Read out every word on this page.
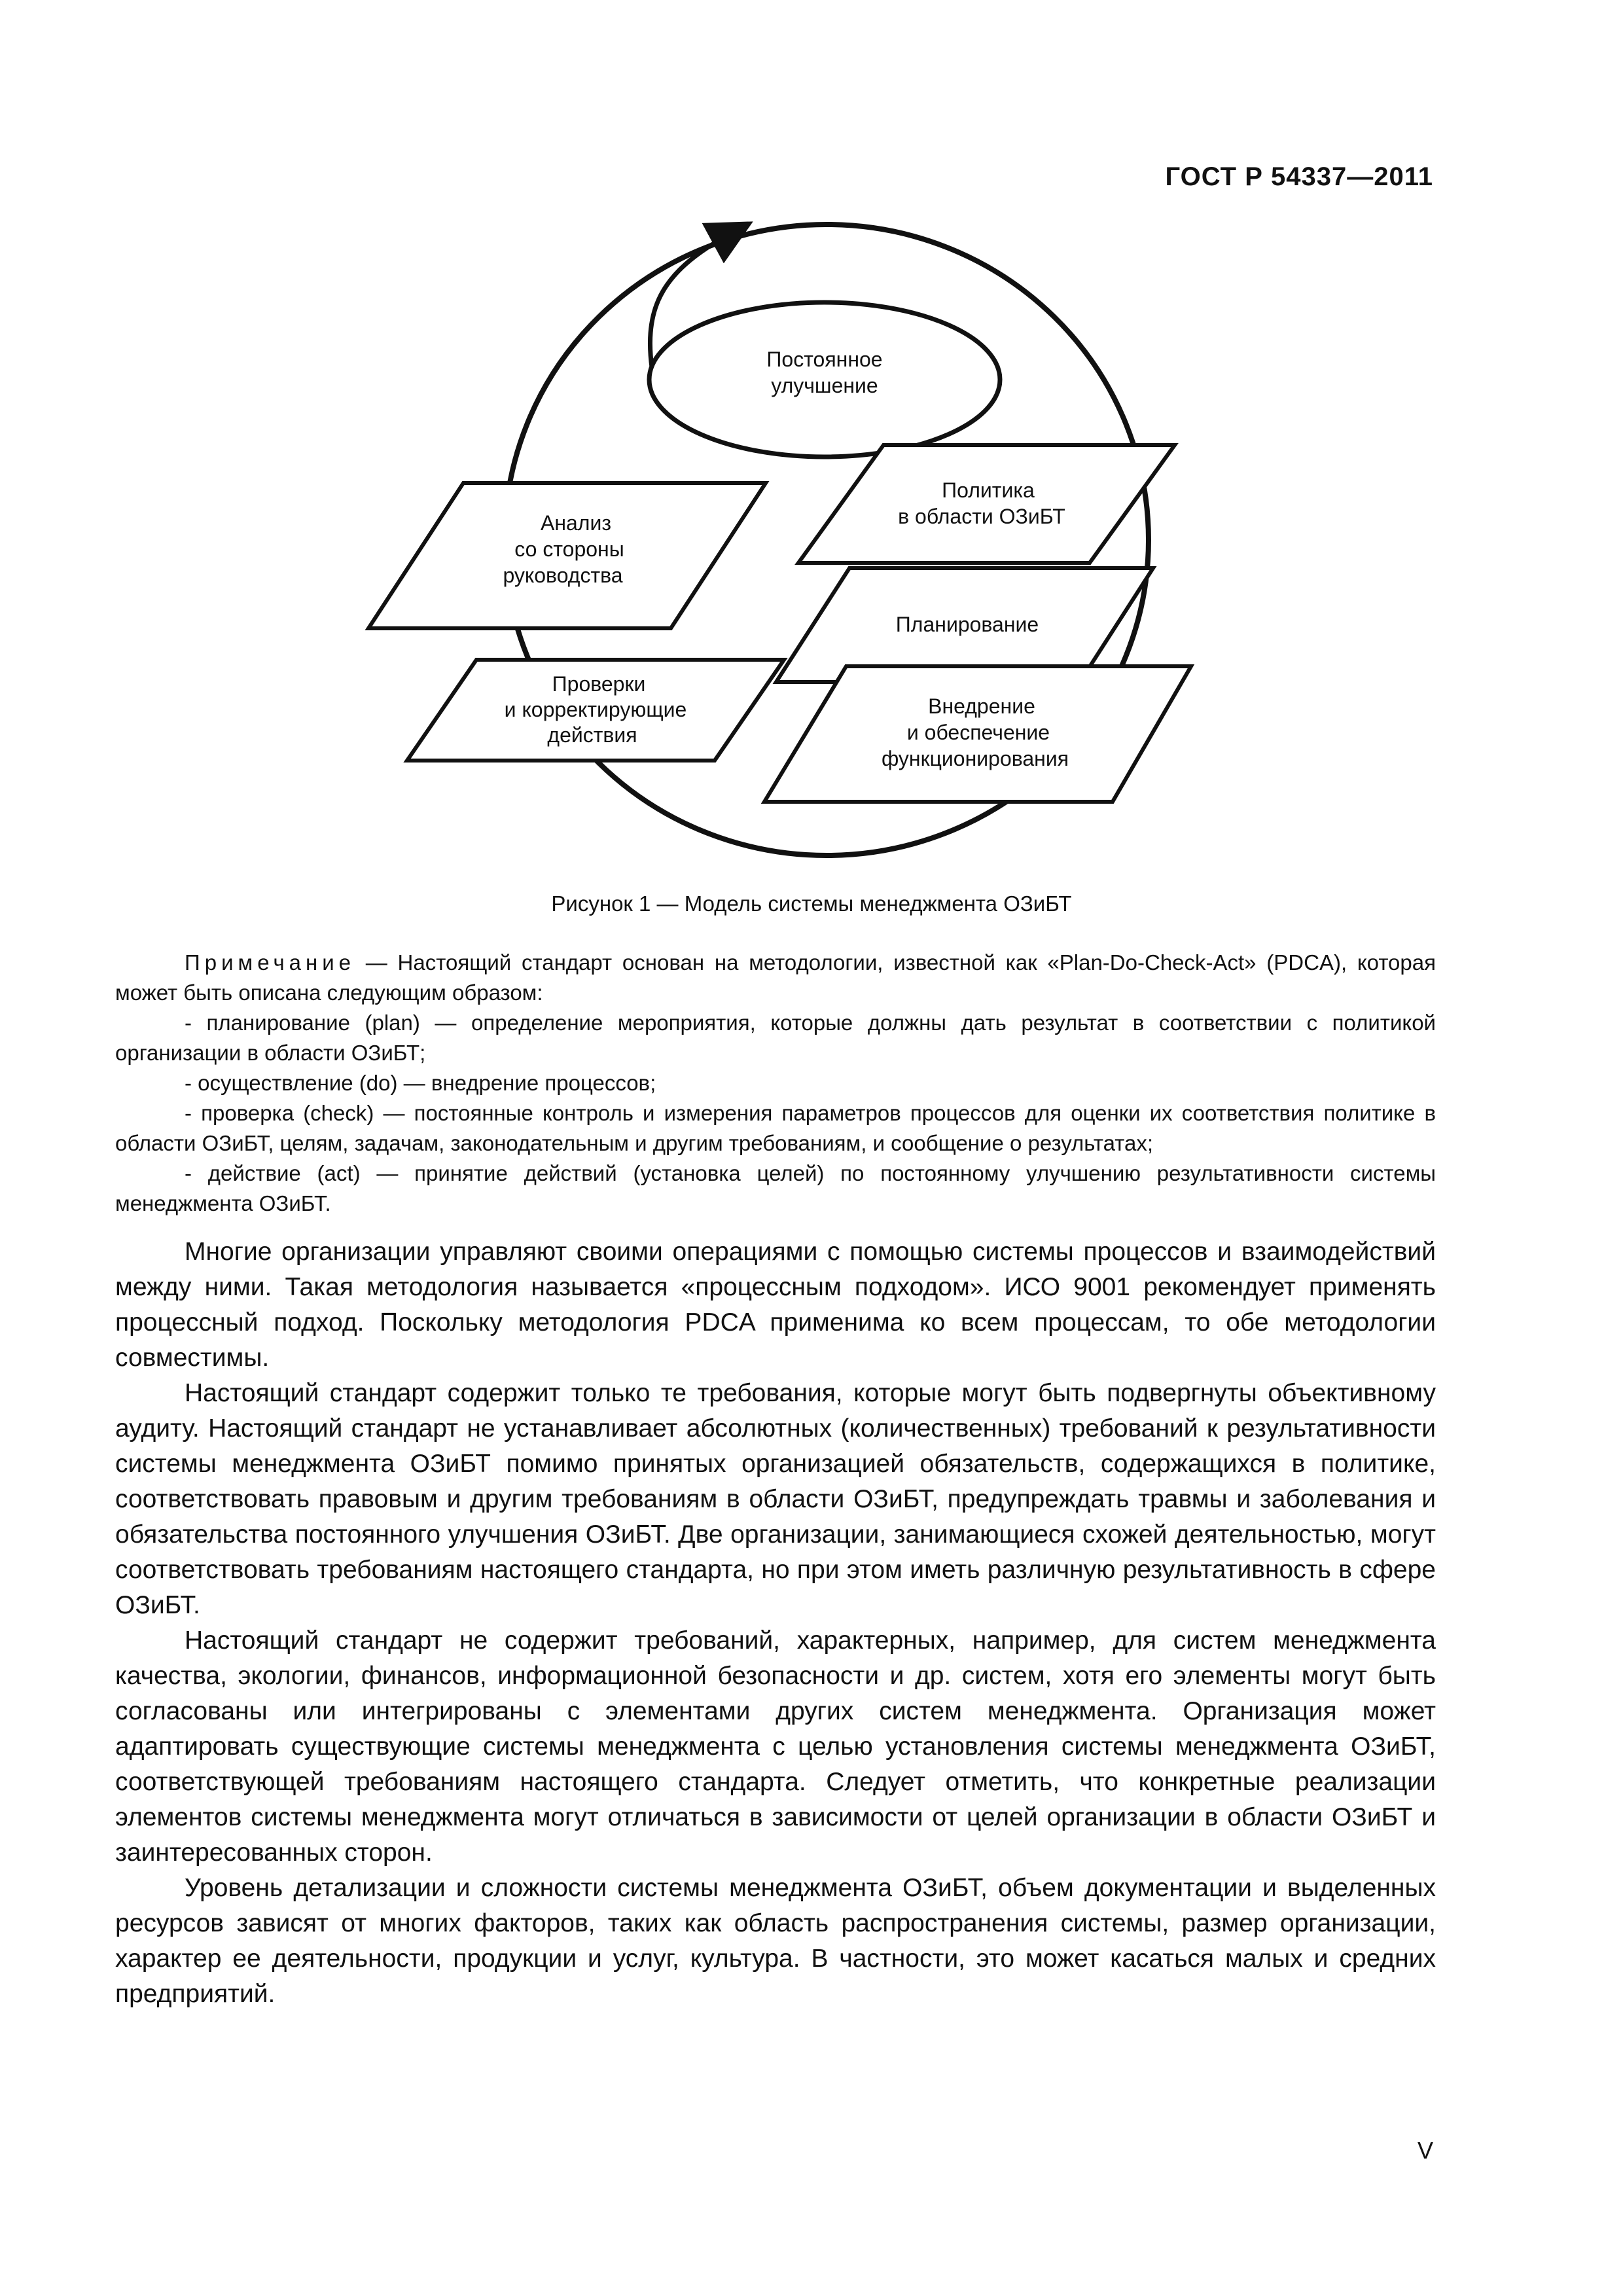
ГОСТ Р 54337—2011
Постоянное
улучшение
Анализ
со стороны
руководства
Проверки
и корректирующие
действия
Политика
в области ОЗиБТ
Планирование
Внедрение
и обеспечение
функционирования
Рисунок 1 — Модель системы менеджмента ОЗиБТ

Примечание — Настоящий стандарт основан на методологии, известной как «Plan-Do-Check-Act» (PDCA), которая может быть описана следующим образом:

- планирование (plan) — определение мероприятия, которые должны дать результат в соответствии с политикой организации в области ОЗиБТ;

- осуществление (do) — внедрение процессов;

- проверка (check) — постоянные контроль и измерения параметров процессов для оценки их соответствия политике в области ОЗиБТ, целям, задачам, законодательным и другим требованиям, и сообщение о результатах;

- действие (act) — принятие действий (установка целей) по постоянному улучшению результативности системы менеджмента ОЗиБТ.

Многие организации управляют своими операциями с помощью системы процессов и взаимодействий между ними. Такая методология называется «процессным подходом». ИСО 9001 рекомендует применять процессный подход. Поскольку методология PDCA применима ко всем процессам, то обе методологии совместимы.

Настоящий стандарт содержит только те требования, которые могут быть подвергнуты объективному аудиту. Настоящий стандарт не устанавливает абсолютных (количественных) требований к результативности системы менеджмента ОЗиБТ помимо принятых организацией обязательств, содержащихся в политике, соответствовать правовым и другим требованиям в области ОЗиБТ, предупреждать травмы и заболевания и обязательства постоянного улучшения ОЗиБТ. Две организации, занимающиеся схожей деятельностью, могут соответствовать требованиям настоящего стандарта, но при этом иметь различную результативность в сфере ОЗиБТ.

Настоящий стандарт не содержит требований, характерных, например, для систем менеджмента качества, экологии, финансов, информационной безопасности и др. систем, хотя его элементы могут быть согласованы или интегрированы с элементами других систем менеджмента. Организация может адаптировать существующие системы менеджмента с целью установления системы менеджмента ОЗиБТ, соответствующей требованиям настоящего стандарта. Следует отметить, что конкретные реализации элементов системы менеджмента могут отличаться в зависимости от целей организации в области ОЗиБТ и заинтересованных сторон.

Уровень детализации и сложности системы менеджмента ОЗиБТ, объем документации и выделенных ресурсов зависят от многих факторов, таких как область распространения системы, размер организации, характер ее деятельности, продукции и услуг, культура. В частности, это может касаться малых и средних предприятий.

V
